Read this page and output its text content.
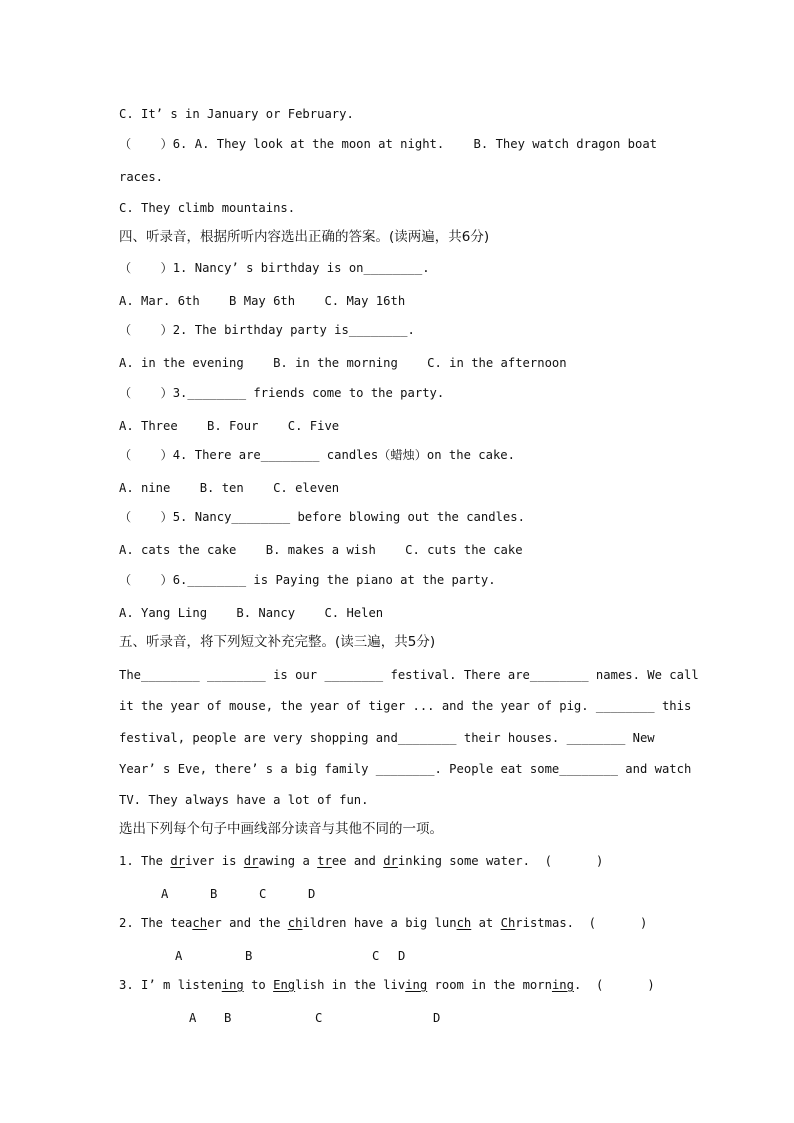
C. It’ s in January or February.
（    ）6. A. They look at the moon at night.    B. They watch dragon boat
races.
C. They climb mountains.
四、听录音，根据所听内容选出正确的答案。(读两遍，共6分)
（    ）1. Nancy’ s birthday is on________.
A. Mar. 6th    B May 6th    C. May 16th
（    ）2. The birthday party is________.
A. in the evening    B. in the morning    C. in the afternoon
（    ）3.________ friends come to the party.
A. Three    B. Four    C. Five
（    ）4. There are________ candles（蜡烛）on the cake.
A. nine    B. ten    C. eleven
（    ）5. Nancy________ before blowing out the candles.
A. cats the cake    B. makes a wish    C. cuts the cake
（    ）6.________ is Paying the piano at the party.
A. Yang Ling    B. Nancy    C. Helen
五、听录音，将下列短文补充完整。(读三遍，共5分)
The________ ________ is our ________ festival. There are________ names. We call
it the year of mouse, the year of tiger ... and the year of pig. ________ this
festival, people are very shopping and________ their houses. ________ New
Year’ s Eve, there’ s a big family ________. People eat some________ and watch
TV. They always have a lot of fun.
选出下列每个句子中画线部分读音与其他不同的一项。
1. The driver is drawing a tree and drinking some water.  (      )
A	B	C	D
2. The teacher and the children have a big lunch at Christmas.  (      )
A	B	C D
3. I’ m listening to English in the living room in the morning.  (      )
A B	C	D
